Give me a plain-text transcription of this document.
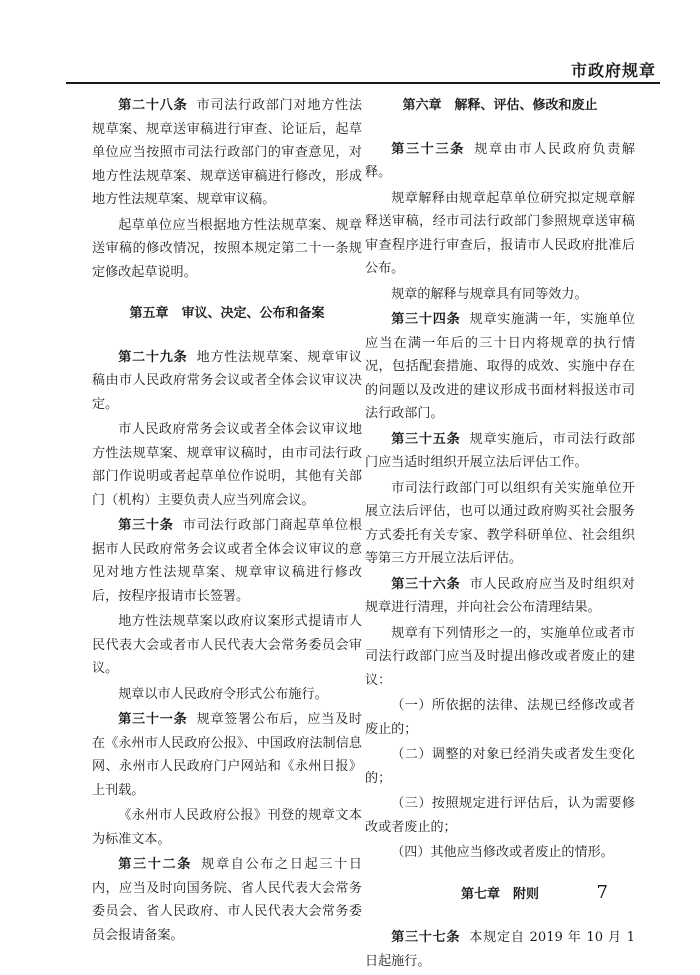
市政府规章

第二十八条 市司法行政部门对地方性法规草案、规章送审稿进行审查、论证后，起草单位应当按照市司法行政部门的审查意见，对地方性法规草案、规章送审稿进行修改，形成地方性法规草案、规章审议稿。

起草单位应当根据地方性法规草案、规章送审稿的修改情况，按照本规定第二十一条规定修改起草说明。

第五章　审议、决定、公布和备案

第二十九条 地方性法规草案、规章审议稿由市人民政府常务会议或者全体会议审议决定。

市人民政府常务会议或者全体会议审议地方性法规草案、规章审议稿时，由市司法行政部门作说明或者起草单位作说明，其他有关部门（机构）主要负责人应当列席会议。

第三十条 市司法行政部门商起草单位根据市人民政府常务会议或者全体会议审议的意见对地方性法规草案、规章审议稿进行修改后，按程序报请市长签署。

地方性法规草案以政府议案形式提请市人民代表大会或者市人民代表大会常务委员会审议。

规章以市人民政府令形式公布施行。

第三十一条 规章签署公布后，应当及时在《永州市人民政府公报》、中国政府法制信息网、永州市人民政府门户网站和《永州日报》上刊载。

《永州市人民政府公报》刊登的规章文本为标准文本。

第三十二条 规章自公布之日起三十日内，应当及时向国务院、省人民代表大会常务委员会、省人民政府、市人民代表大会常务委员会报请备案。

第六章　解释、评估、修改和废止

第三十三条 规章由市人民政府负责解释。

规章解释由规章起草单位研究拟定规章解释送审稿，经市司法行政部门参照规章送审稿审查程序进行审查后，报请市人民政府批准后公布。

规章的解释与规章具有同等效力。

第三十四条 规章实施满一年，实施单位应当在满一年后的三十日内将规章的执行情况，包括配套措施、取得的成效、实施中存在的问题以及改进的建议形成书面材料报送市司法行政部门。

第三十五条 规章实施后，市司法行政部门应当适时组织开展立法后评估工作。

市司法行政部门可以组织有关实施单位开展立法后评估，也可以通过政府购买社会服务方式委托有关专家、教学科研单位、社会组织等第三方开展立法后评估。

第三十六条 市人民政府应当及时组织对规章进行清理，并向社会公布清理结果。

规章有下列情形之一的，实施单位或者市司法行政部门应当及时提出修改或者废止的建议：

（一）所依据的法律、法规已经修改或者废止的；

（二）调整的对象已经消失或者发生变化的；

（三）按照规定进行评估后，认为需要修改或者废止的；

（四）其他应当修改或者废止的情形。

第七章　附则

第三十七条 本规定自 2019 年 10 月 1 日起施行。

7
